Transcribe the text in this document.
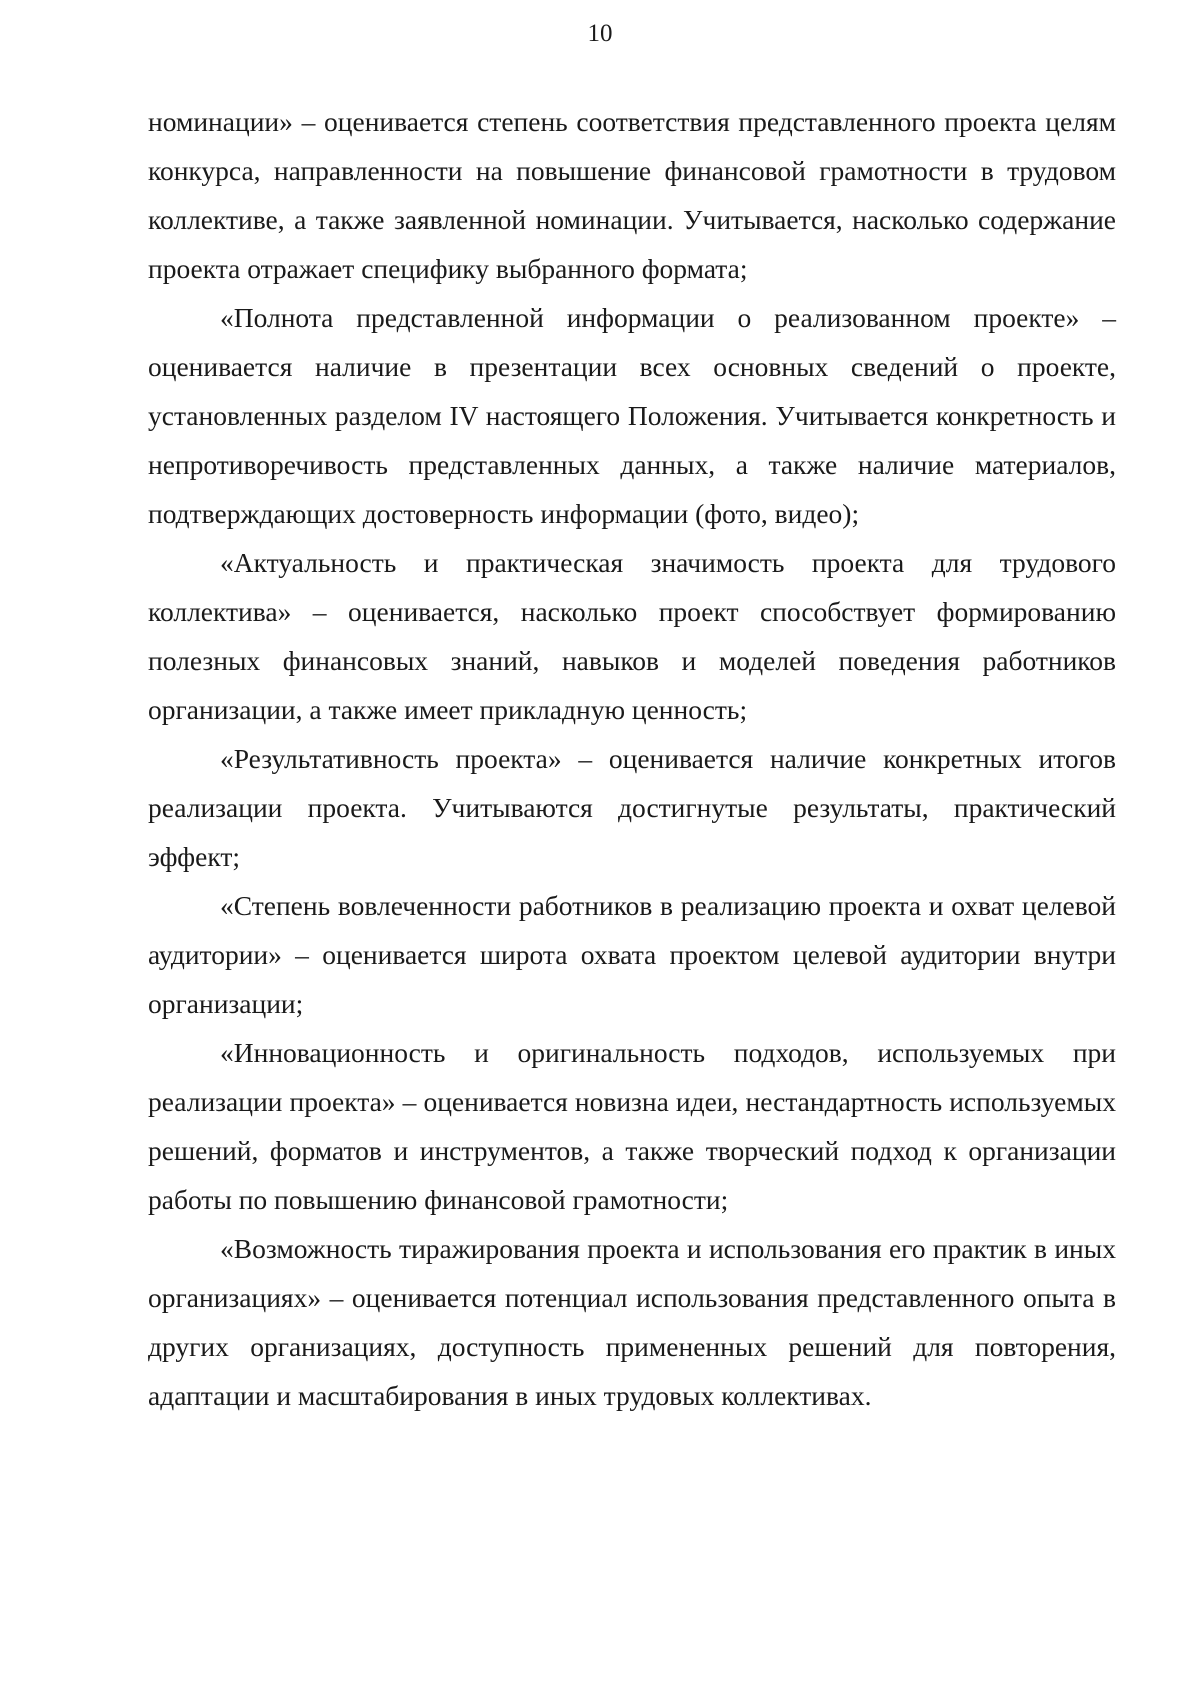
10

номинации» – оценивается степень соответствия представленного проекта целям конкурса, направленности на повышение финансовой грамотности в трудовом коллективе, а также заявленной номинации. Учитывается, насколько содержание проекта отражает специфику выбранного формата;

«Полнота представленной информации о реализованном проекте» – оценивается наличие в презентации всех основных сведений о проекте, установленных разделом IV настоящего Положения. Учитывается конкретность и непротиворечивость представленных данных, а также наличие материалов, подтверждающих достоверность информации (фото, видео);

«Актуальность и практическая значимость проекта для трудового коллектива» – оценивается, насколько проект способствует формированию полезных финансовых знаний, навыков и моделей поведения работников организации, а также имеет прикладную ценность;

«Результативность проекта» – оценивается наличие конкретных итогов реализации проекта. Учитываются достигнутые результаты, практический эффект;

«Степень вовлеченности работников в реализацию проекта и охват целевой аудитории» – оценивается широта охвата проектом целевой аудитории внутри организации;

«Инновационность и оригинальность подходов, используемых при реализации проекта» – оценивается новизна идеи, нестандартность используемых решений, форматов и инструментов, а также творческий подход к организации работы по повышению финансовой грамотности;

«Возможность тиражирования проекта и использования его практик в иных организациях» – оценивается потенциал использования представленного опыта в других организациях, доступность примененных решений для повторения, адаптации и масштабирования в иных трудовых коллективах.
